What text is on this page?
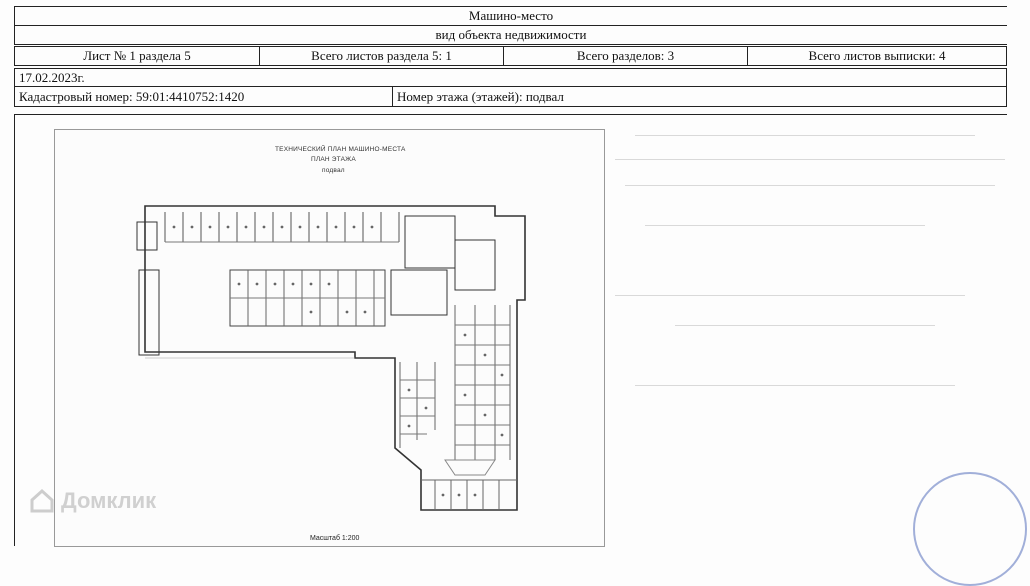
Машино-место
вид объекта недвижимости
Лист № 1 раздела 5	Всего листов раздела 5: 1	Всего разделов: 3	Всего листов выписки: 4
17.02.2023г.
Кадастровый номер: 59:01:4410752:1420	Номер этажа (этажей): подвал
ТЕХНИЧЕСКИЙ ПЛАН МАШИНО-МЕСТА
ПЛАН ЭТАЖА
подвал
Масштаб 1:200
Домклик
